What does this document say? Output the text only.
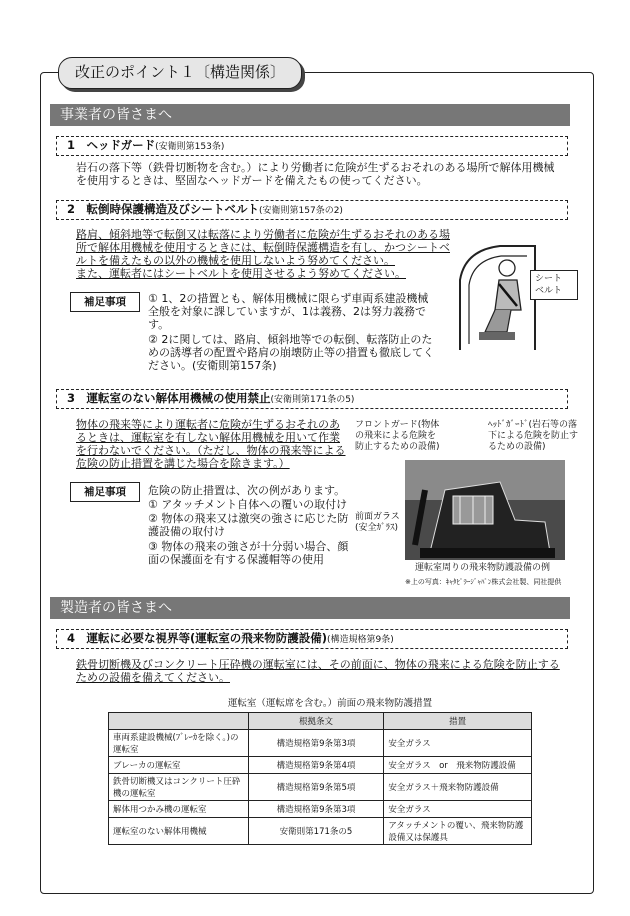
改正のポイント１〔構造関係〕
事業者の皆さまへ
1　ヘッドガード(安衛則第153条)
岩石の落下等（鉄骨切断物を含む。）により労働者に危険が生ずるおそれのある場所で解体用機械を使用するときは、堅固なヘッドガードを備えたもの使ってください。
2　転倒時保護構造及びシートベルト(安衛則第157条の2)
路肩、傾斜地等で転倒又は転落により労働者に危険が生ずるおそれのある場所で解体用機械を使用するときには、転倒時保護構造を有し、かつシートベルトを備えたもの以外の機械を使用しないよう努めてください。
また、運転者にはシートベルトを使用させるよう努めてください。	シート
ベルト
補足事項	① 1、2の措置とも、解体用機械に限らず車両系建設機械全般を対象に課していますが、1は義務、2は努力義務です。
② 2に関しては、路肩、傾斜地等での転倒、転落防止のための誘導者の配置や路肩の崩壊防止等の措置も徹底してください。(安衛則第157条)
3　運転室のない解体用機械の使用禁止(安衛則第171条の5)
物体の飛来等により運転者に危険が生ずるおそれのあるときは、運転室を有しない解体用機械を用いて作業を行わないでください。（ただし、物体の飛来等による危険の防止措置を講じた場合を除きます。）
フロントガード(物体の飛来による危険を防止するための設備)
ﾍｯﾄﾞｶﾞｰﾄﾞ(岩石等の落下による危険を防止するための設備)
前面ガラス
(安全ｶﾞﾗｽ)
運転室周りの飛来物防護設備の例
※上の写真：ｷｬﾀﾋﾟﾗｰｼﾞｬﾊﾟﾝ株式会社製、同社提供
補足事項	危険の防止措置は、次の例があります。
① アタッチメント自体への覆いの取付け
② 物体の飛来又は激突の強さに応じた防護設備の取付け
③ 物体の飛来の強さが十分弱い場合、顔面の保護面を有する保護帽等の使用
製造者の皆さまへ
4　運転に必要な視界等(運転室の飛来物防護設備)(構造規格第9条)
鉄骨切断機及びコンクリート圧砕機の運転室には、その前面に、物体の飛来による危険を防止するための設備を備えてください。
運転室（運転席を含む。）前面の飛来物防護措置
	根拠条文	措置
車両系建設機械(ﾌﾞﾚｰｶを除く。)の運転室	構造規格第9条第3項	安全ガラス
ブレーカの運転室	構造規格第9条第4項	安全ガラス　or　飛来物防護設備
鉄骨切断機又はコンクリート圧砕機の運転室	構造規格第9条第5項	安全ガラス＋飛来物防護設備
解体用つかみ機の運転室	構造規格第9条第3項	安全ガラス
運転室のない解体用機械	安衛則第171条の5	アタッチメントの覆い、飛来物防護設備又は保護具
